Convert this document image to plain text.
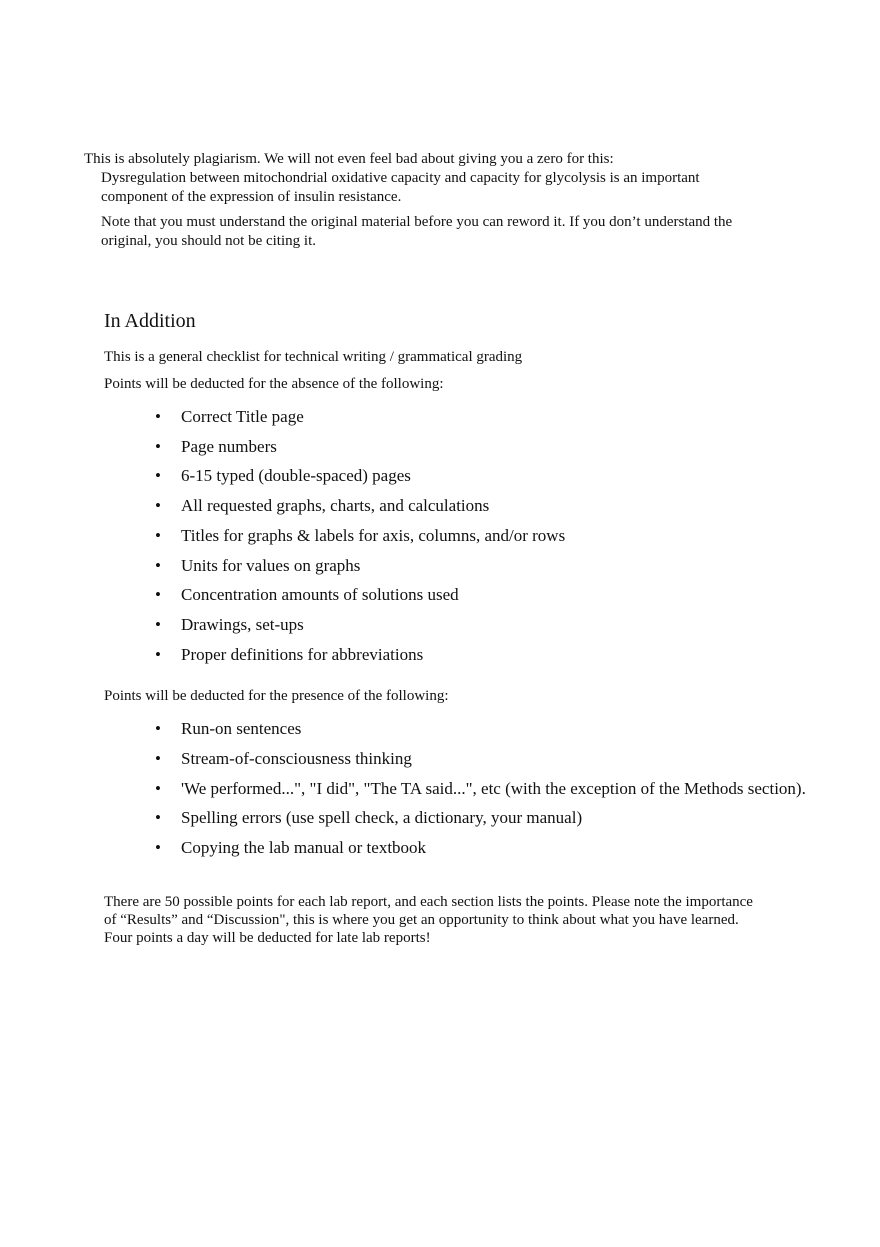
This is absolutely plagiarism. We will not even feel bad about giving you a zero for this:

Dysregulation between mitochondrial oxidative capacity and capacity for glycolysis is an important
component of the expression of insulin resistance.

Note that you must understand the original material before you can reword it. If you don’t understand the
original, you should not be citing it.

In Addition

This is a general checklist for technical writing / grammatical grading

Points will be deducted for the absence of the following:

• Correct Title page
• Page numbers
• 6-15 typed (double-spaced) pages
• All requested graphs, charts, and calculations
• Titles for graphs & labels for axis, columns, and/or rows
• Units for values on graphs
• Concentration amounts of solutions used
• Drawings, set-ups
• Proper definitions for abbreviations

Points will be deducted for the presence of the following:

• Run-on sentences
• Stream-of-consciousness thinking
• 'We performed...", "I did", "The TA said...", etc (with the exception of the Methods section).
• Spelling errors (use spell check, a dictionary, your manual)
• Copying the lab manual or textbook
There are 50 possible points for each lab report, and each section lists the points. Please note the importance
of “Results” and “Discussion", this is where you get an opportunity to think about what you have learned.
Four points a day will be deducted for late lab reports!
